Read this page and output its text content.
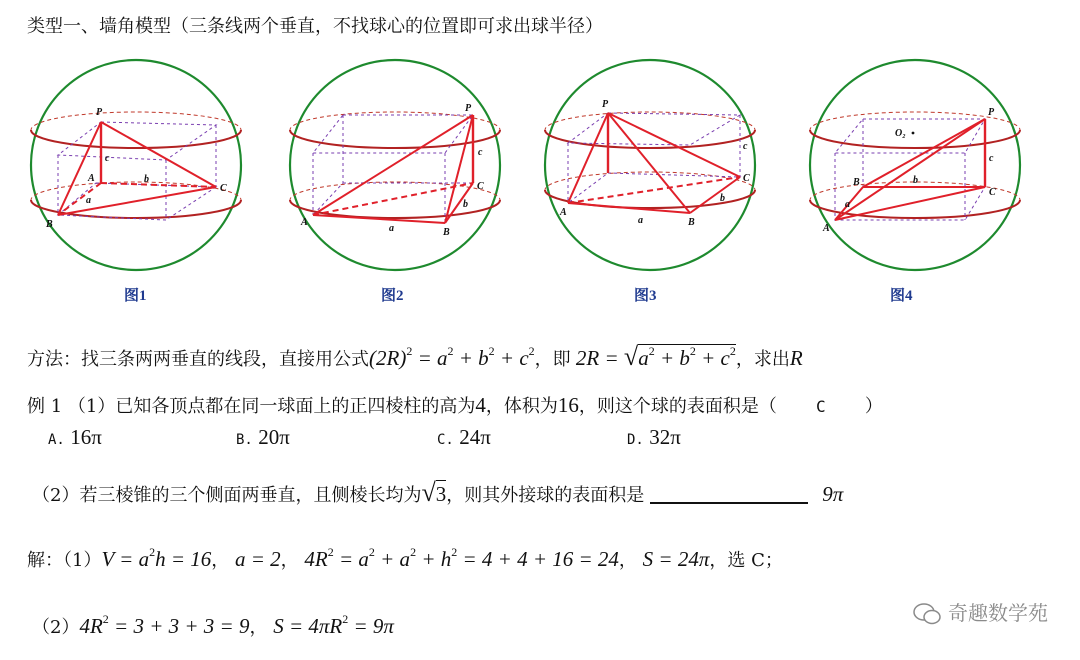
类型一、墙角模型（三条线两个垂直，不找球心的位置即可求出球半径）
P
A
B
C
a
b
c
图1
P
A
B
C
a
b
c
图2
P
A
B
C
a
b
c
图3
P
O₂
B
A
C
a
b
c
图4
方法：找三条两两垂直的线段，直接用公式$(2R)^2 = a^2 + b^2 + c^2$，即 $2R = √a^2 + b^2 + c^2$，求出R
例 1 （1）已知各顶点都在同一球面上的正四棱柱的高为4，体积为16，则这个球的表面积是（ C ）
A. 16π	B. 20π	C. 24π	D. 32π
（2）若三棱锥的三个侧面两垂直，且侧棱长均为√3，则其外接球的表面积是	9π
解：$(1)V = a^2h = 16$， a = 2， $4R^2 = a^2 + a^2 + h^2 = 4 + 4 + 16 = 24$， S = 24π，选 C；
$(2)4R^2 = 3 + 3 + 3 = 9$， $S = 4\pi R^2 = 9\pi$
奇趣数学苑
